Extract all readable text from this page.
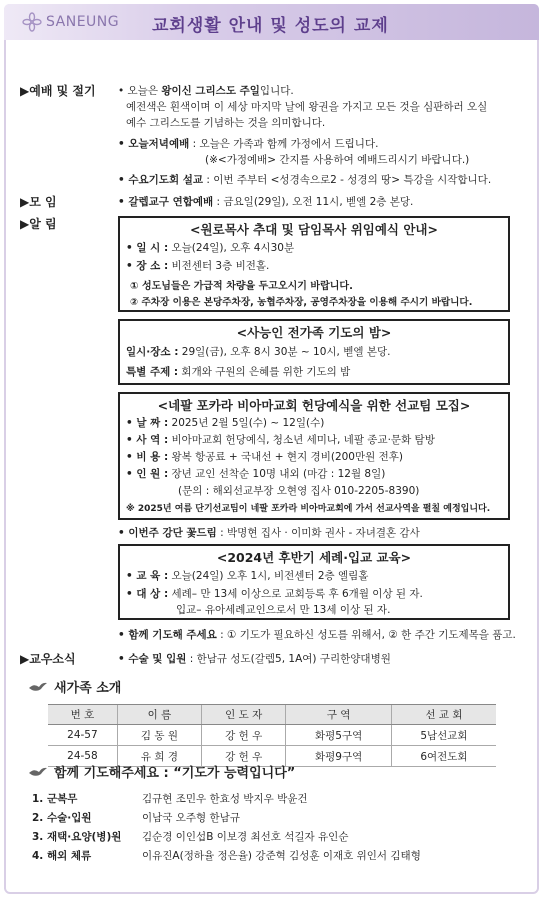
SANEUNG 교회생활 안내 및 성도의 교제
▶예배 및 절기 • 오늘은 왕이신 그리스도 주일입니다.
예전색은 흰색이며 이 세상 마지막 날에 왕권을 가지고 모든 것을 심판하러 오실
예수 그리스도를 기념하는 것을 의미합니다.
• 오늘저녁예배 : 오늘은 가족과 함께 가정에서 드립니다.
(※<가정예배> 간지를 사용하여 예배드리시기 바랍니다.)
• 수요기도회 설교 : 이번 주부터 <성경속으로2 - 성경의 땅> 특강을 시작합니다.
▶모 임	• 갈렙교구 연합예배 : 금요일(29일), 오전 11시, 벧엘 2층 본당.
▶알 림	<원로목사 추대 및 담임목사 위임예식 안내>
• 일 시 : 오늘(24일), 오후 4시30분
• 장 소 : 비전센터 3층 비전홀.
① 성도님들은 가급적 차량을 두고오시기 바랍니다.
② 주차장 이용은 본당주차장, 농협주차장, 공영주차장을 이용해 주시기 바랍니다.
<사능인 전가족 기도의 밤>
일시·장소 : 29일(금), 오후 8시 30분 ~ 10시, 벧엘 본당.
특별 주제 : 회개와 구원의 은혜를 위한 기도의 밤
<네팔 포카라 비아마교회 헌당예식을 위한 선교팀 모집>
• 날 짜 : 2025년 2월 5일(수) ~ 12일(수)
• 사 역 : 비아마교회 헌당예식, 청소년 세미나, 네팔 종교·문화 탐방
• 비 용 : 왕복 항공료 + 국내선 + 현지 경비(200만원 전후)
• 인 원 : 장년 교인 선착순 10명 내외 (마감 : 12월 8일)
(문의 : 해외선교부장 오현영 집사 010-2205-8390)
※ 2025년 여름 단기선교팀이 네팔 포카라 비아마교회에 가서 선교사역을 펼칠 예정입니다.
• 이번주 강단 꽃드림 : 박명현 집사 · 이미화 권사 - 자녀결혼 감사
<2024년 후반기 세례·입교 교육>
• 교 육 : 오늘(24일) 오후 1시, 비전센터 2층 엘림홀
• 대 상 : 세례– 만 13세 이상으로 교회등록 후 6개월 이상 된 자.
입교– 유아세례교인으로서 만 13세 이상 된 자.
• 함께 기도해 주세요 : ① 기도가 필요하신 성도를 위해서, ② 한 주간 기도제목을 품고.
▶교우소식	• 수술 및 입원 : 한남규 성도(갈렙5, 1A여) 구리한양대병원
새가족 소개
번 호	이 름	인 도 자	구 역	선 교 회
24-57	김 동 원	강 헌 우	화평5구역	5남선교회
24-58	유 희 경	강 헌 우	화평9구역	6여전도회
함께 기도해주세요 : “기도가 능력입니다”
1. 군복무	김규현 조민우 한효성 박지우 박윤건
2. 수술·입원	이남국 오주형 한남규
3. 재택·요양(병)원	김순경 이인섭B 이보경 최선호 석길자 유인순
4. 해외 체류	이유진A(정하율 정은율) 강준혁 김성훈 이재호 위인서 김태형
